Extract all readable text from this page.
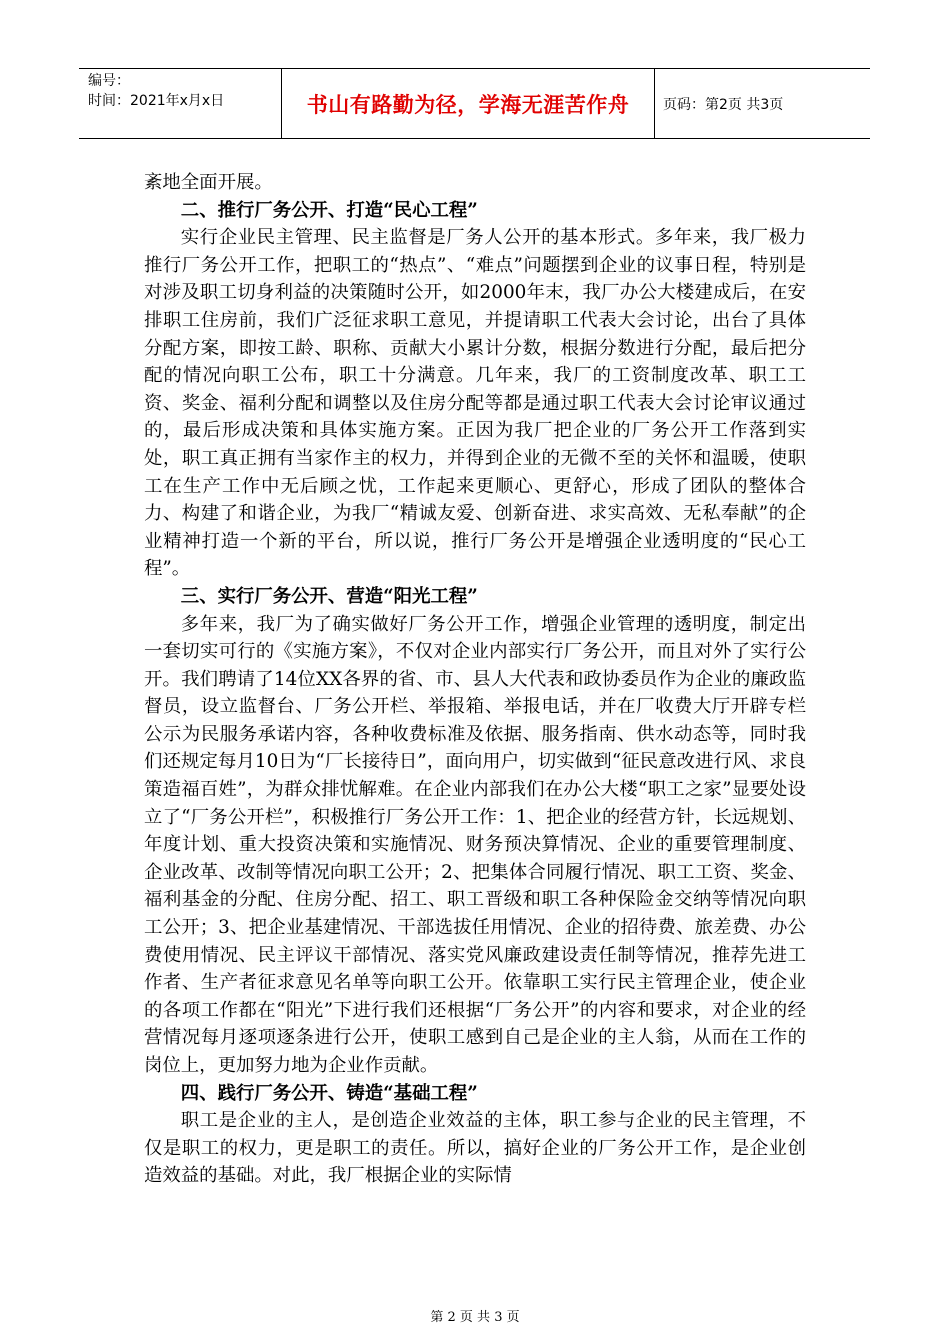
编号：
时间：2021年x月x日	书山有路勤为径，学海无涯苦作舟	页码：第2页 共3页

紊地全面开展。

二、推行厂务公开、打造“民心工程”

实行企业民主管理、民主监督是厂务人公开的基本形式。多年来，我厂极力推行厂务公开工作，把职工的“热点”、“难点”问题摆到企业的议事日程，特别是对涉及职工切身利益的决策随时公开，如2000年末，我厂办公大楼建成后，在安排职工住房前，我们广泛征求职工意见，并提请职工代表大会讨论，出台了具体分配方案，即按工龄、职称、贡献大小累计分数，根据分数进行分配，最后把分配的情况向职工公布，职工十分满意。几年来，我厂的工资制度改革、职工工资、奖金、福利分配和调整以及住房分配等都是通过职工代表大会讨论审议通过的，最后形成决策和具体实施方案。正因为我厂把企业的厂务公开工作落到实处，职工真正拥有当家作主的权力，并得到企业的无微不至的关怀和温暖，使职工在生产工作中无后顾之忧，工作起来更顺心、更舒心，形成了团队的整体合力、构建了和谐企业，为我厂“精诚友爱、创新奋进、求实高效、无私奉献”的企业精神打造一个新的平台，所以说，推行厂务公开是增强企业透明度的“民心工程”。

三、实行厂务公开、营造“阳光工程”

多年来，我厂为了确实做好厂务公开工作，增强企业管理的透明度，制定出一套切实可行的《实施方案》，不仅对企业内部实行厂务公开，而且对外了实行公开。我们聘请了14位XX各界的省、市、县人大代表和政协委员作为企业的廉政监督员，设立监督台、厂务公开栏、举报箱、举报电话，并在厂收费大厅开辟专栏公示为民服务承诺内容，各种收费标准及依据、服务指南、供水动态等，同时我们还规定每月10日为“厂长接待日”，面向用户，切实做到“征民意改进行风、求良策造福百姓”，为群众排忧解难。在企业内部我们在办公大楼“职工之家”显要处设立了“厂务公开栏”，积极推行厂务公开工作：1、把企业的经营方针，长远规划、年度计划、重大投资决策和实施情况、财务预决算情况、企业的重要管理制度、企业改革、改制等情况向职工公开；2、把集体合同履行情况、职工工资、奖金、福利基金的分配、住房分配、招工、职工晋级和职工各种保险金交纳等情况向职工公开；3、把企业基建情况、干部选拔任用情况、企业的招待费、旅差费、办公费使用情况、民主评议干部情况、落实党风廉政建设责任制等情况，推荐先进工作者、生产者征求意见名单等向职工公开。依靠职工实行民主管理企业，使企业的各项工作都在“阳光”下进行我们还根据“厂务公开”的内容和要求，对企业的经营情况每月逐项逐条进行公开，使职工感到自己是企业的主人翁，从而在工作的岗位上，更加努力地为企业作贡献。

四、践行厂务公开、铸造“基础工程”

职工是企业的主人，是创造企业效益的主体，职工参与企业的民主管理，不仅是职工的权力，更是职工的责任。所以，搞好企业的厂务公开工作，是企业创造效益的基础。对此，我厂根据企业的实际情

第 2 页 共 3 页
